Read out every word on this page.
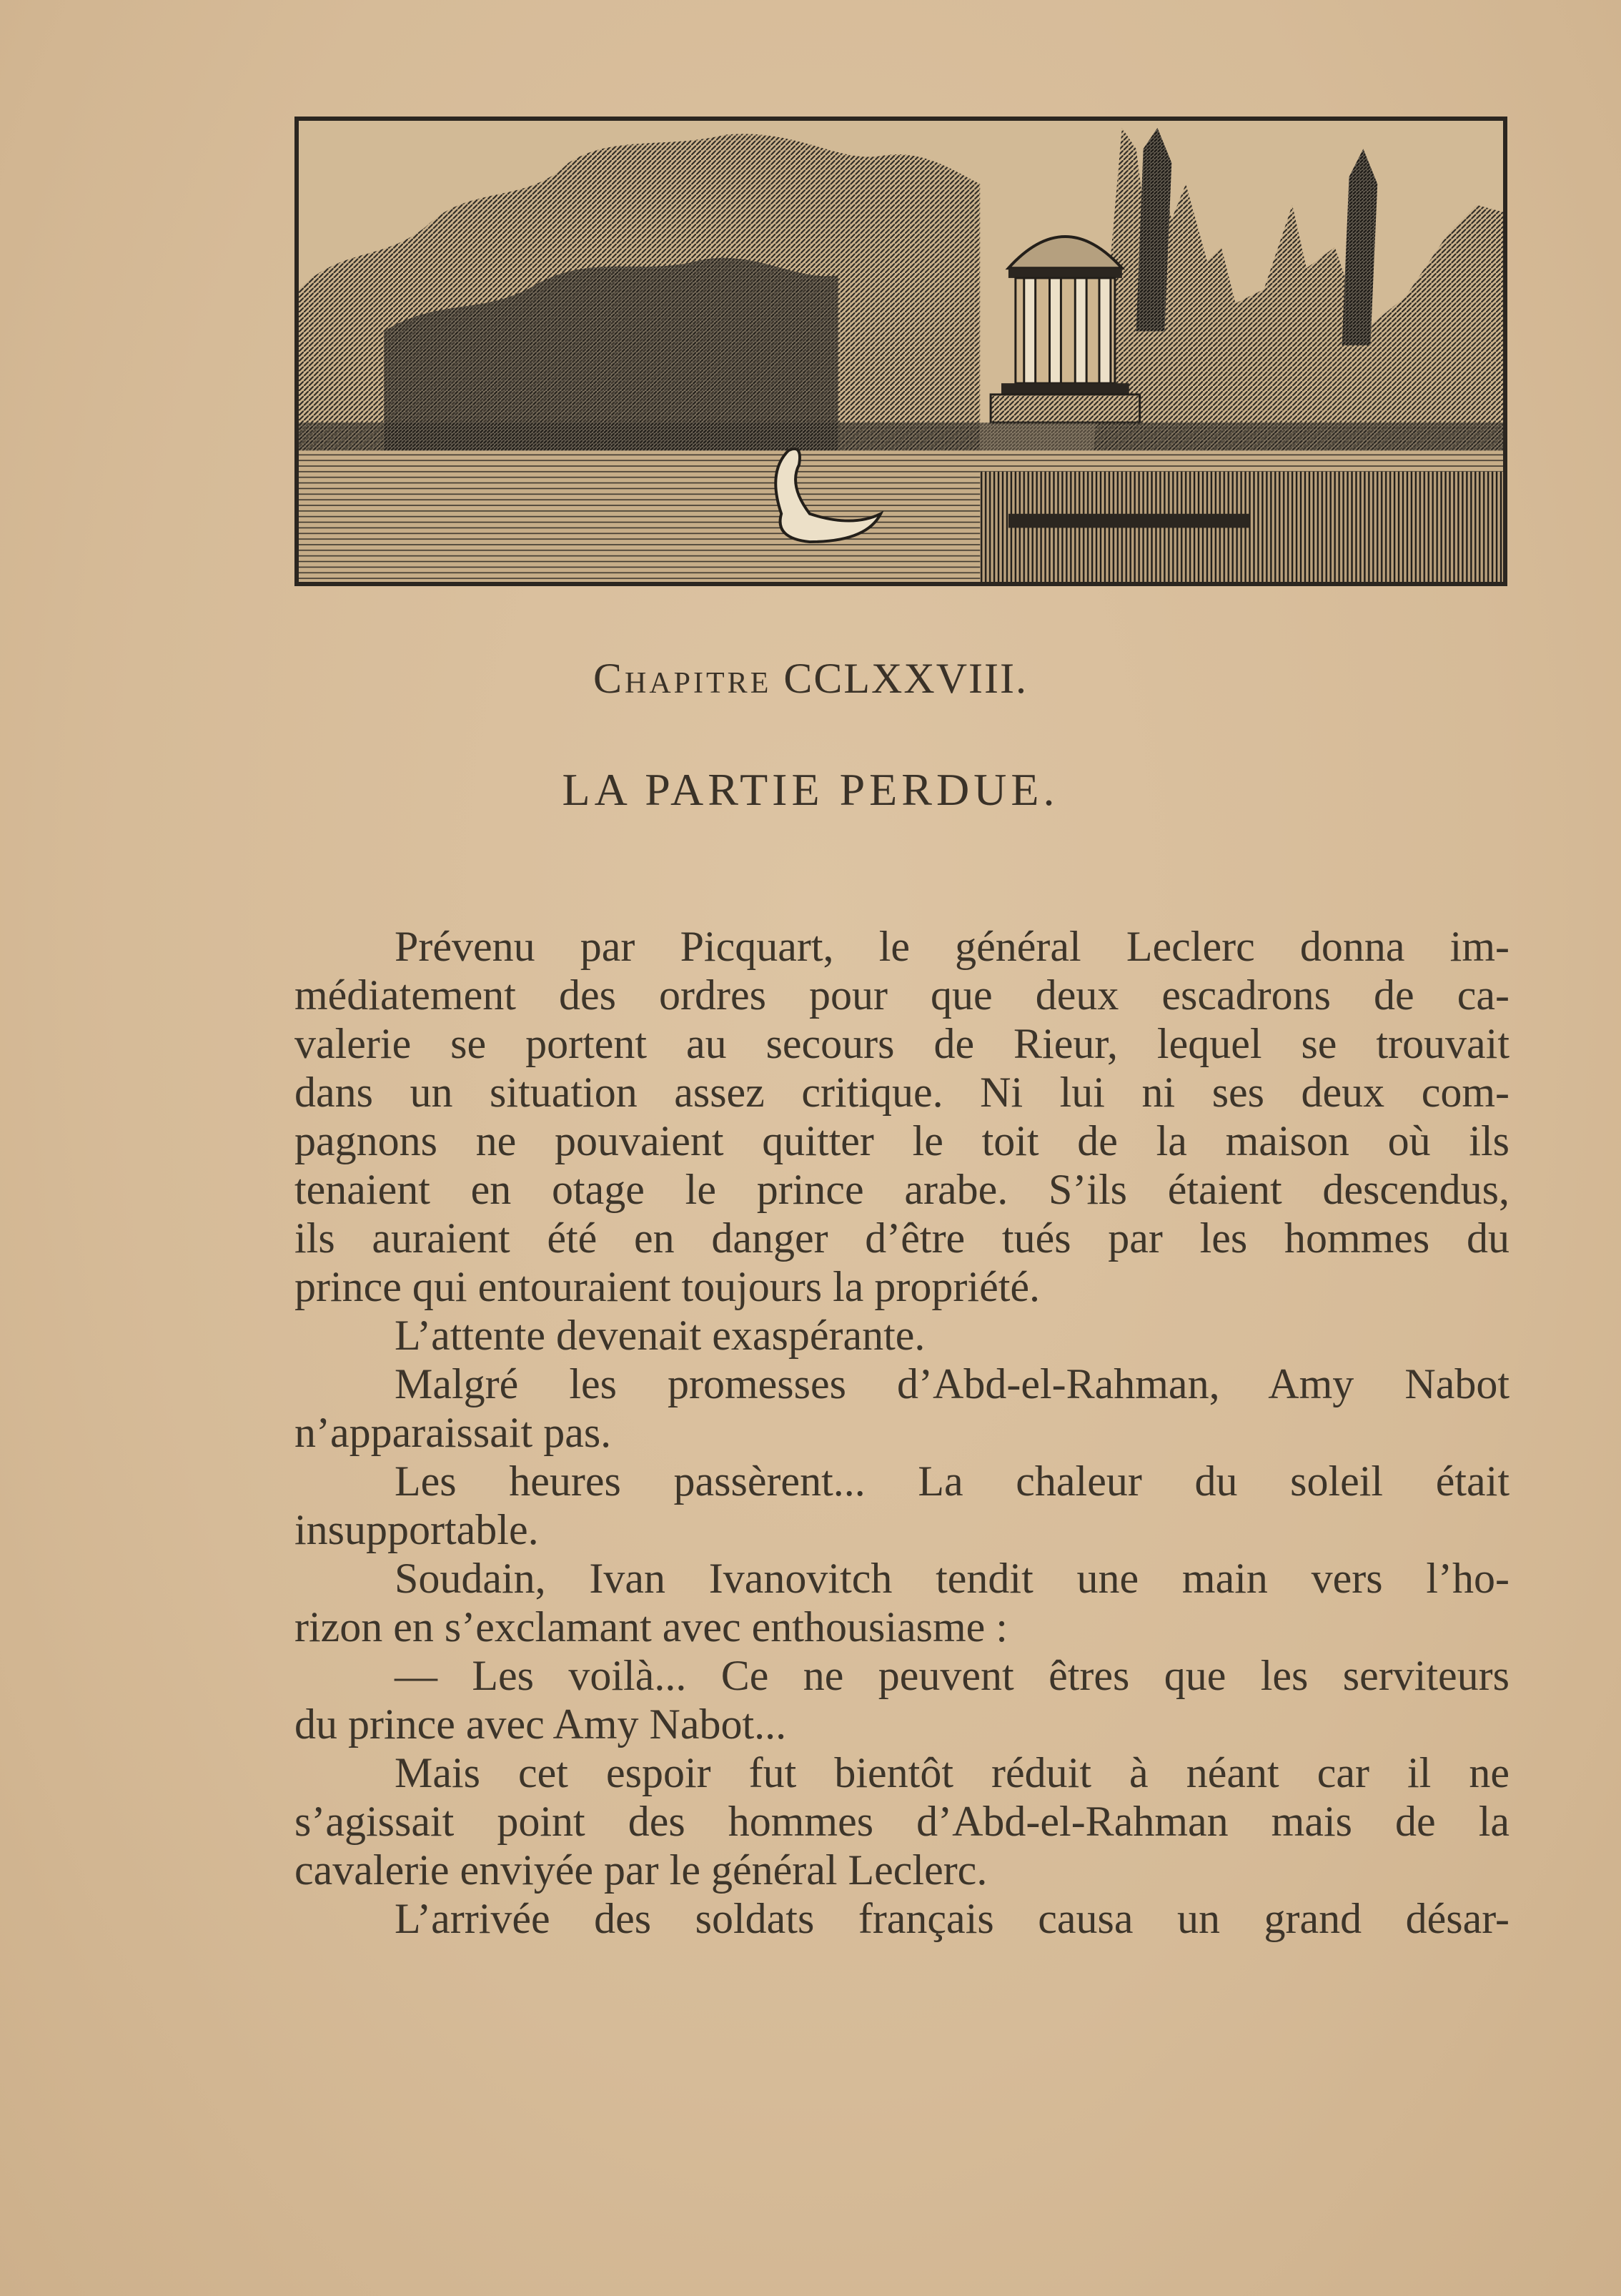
Chapitre CCLXXVIII.
LA PARTIE PERDUE.
Prévenu par Picquart, le général Leclerc donna im-
médiatement des ordres pour que deux escadrons de ca-
valerie se portent au secours de Rieur, lequel se trouvait
dans un situation assez critique. Ni lui ni ses deux com-
pagnons ne pouvaient quitter le toit de la maison où ils
tenaient en otage le prince arabe. S’ils étaient descendus,
ils auraient été en danger d’être tués par les hommes du
prince qui entouraient toujours la propriété.
L’attente devenait exaspérante.
Malgré les promesses d’Abd-el-Rahman, Amy Nabot
n’apparaissait pas.
Les heures passèrent... La chaleur du soleil était
insupportable.
Soudain, Ivan Ivanovitch tendit une main vers l’ho-
rizon en s’exclamant avec enthousiasme :
— Les voilà... Ce ne peuvent êtres que les serviteurs
du prince avec Amy Nabot...
Mais cet espoir fut bientôt réduit à néant car il ne
s’agissait point des hommes d’Abd-el-Rahman mais de la
cavalerie enviyée par le général Leclerc.
L’arrivée des soldats français causa un grand désar-
